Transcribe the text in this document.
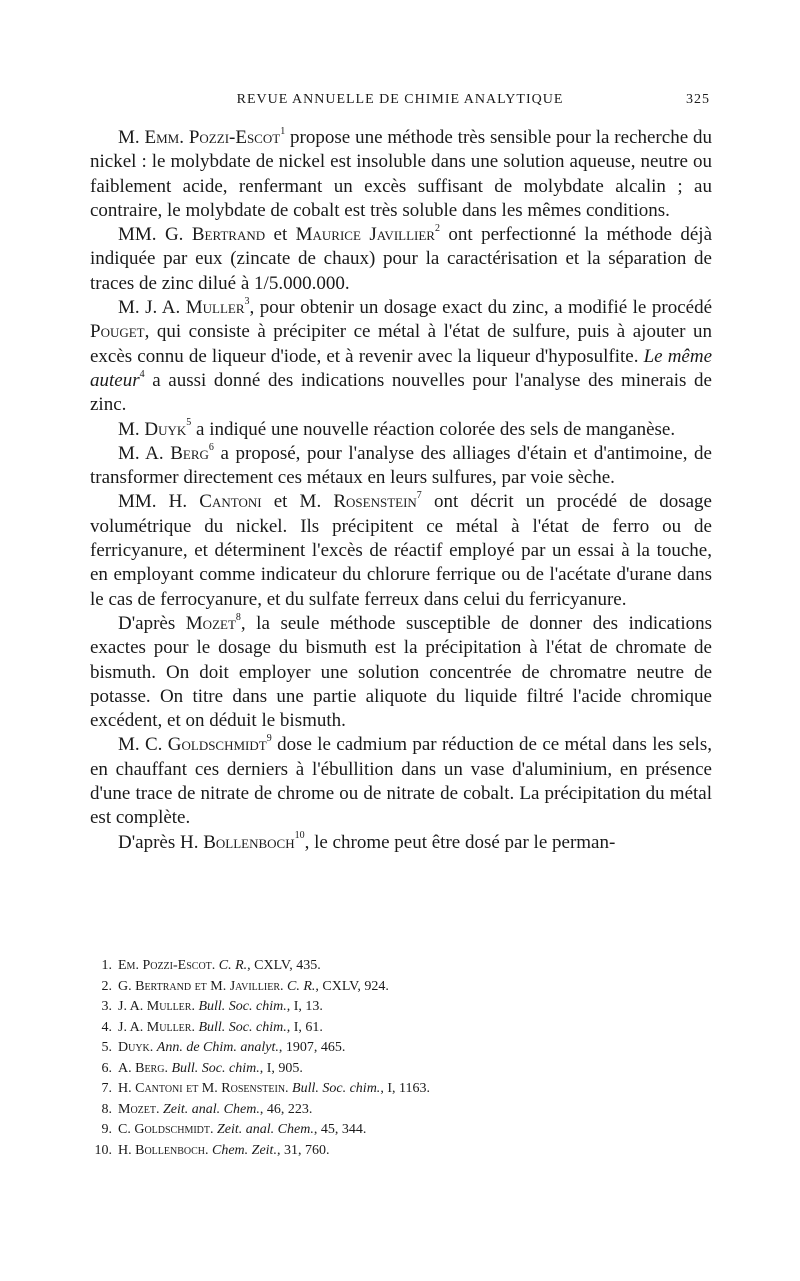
REVUE ANNUELLE DE CHIMIE ANALYTIQUE	325

M. Emm. Pozzi-Escot$^1$ propose une méthode très sensible pour la recherche du nickel : le molybdate de nickel est insoluble dans une solution aqueuse, neutre ou faiblement acide, renfermant un excès suffisant de molybdate alcalin ; au contraire, le molybdate de cobalt est très soluble dans les mêmes conditions.

MM. G. Bertrand et Maurice Javillier$^2$ ont perfectionné la méthode déjà indiquée par eux (zincate de chaux) pour la caractérisation et la séparation de traces de zinc dilué à 1/5.000.000.

M. J. A. Muller$^3$, pour obtenir un dosage exact du zinc, a modifié le procédé Pouget, qui consiste à précipiter ce métal à l'état de sulfure, puis à ajouter un excès connu de liqueur d'iode, et à revenir avec la liqueur d'hyposulfite. Le même auteur$^4$ a aussi donné des indications nouvelles pour l'analyse des minerais de zinc.

M. Duyk$^5$ a indiqué une nouvelle réaction colorée des sels de manganèse.

M. A. Berg$^6$ a proposé, pour l'analyse des alliages d'étain et d'antimoine, de transformer directement ces métaux en leurs sulfures, par voie sèche.

MM. H. Cantoni et M. Rosenstein$^7$ ont décrit un procédé de dosage volumétrique du nickel. Ils précipitent ce métal à l'état de ferro ou de ferricyanure, et déterminent l'excès de réactif employé par un essai à la touche, en employant comme indicateur du chlorure ferrique ou de l'acétate d'urane dans le cas de ferrocyanure, et du sulfate ferreux dans celui du ferricyanure.

D'après Mozet$^8$, la seule méthode susceptible de donner des indications exactes pour le dosage du bismuth est la précipitation à l'état de chromate de bismuth. On doit employer une solution concentrée de chromatre neutre de potasse. On titre dans une partie aliquote du liquide filtré l'acide chromique excédent, et on déduit le bismuth.

M. C. Goldschmidt$^9$ dose le cadmium par réduction de ce métal dans les sels, en chauffant ces derniers à l'ébullition dans un vase d'aluminium, en présence d'une trace de nitrate de chrome ou de nitrate de cobalt. La précipitation du métal est complète.

D'après H. Bollenboch$^{10}$, le chrome peut être dosé par le perman-

1. Em. Pozzi-Escot. C. R., CXLV, 435.

2. G. Bertrand et M. Javillier. C. R., CXLV, 924.

3. J. A. Muller. Bull. Soc. chim., I, 13.

4. J. A. Muller. Bull. Soc. chim., I, 61.

5. Duyk. Ann. de Chim. analyt., 1907, 465.

6. A. Berg. Bull. Soc. chim., I, 905.

7. H. Cantoni et M. Rosenstein. Bull. Soc. chim., I, 1163.

8. Mozet. Zeit. anal. Chem., 46, 223.

9. C. Goldschmidt. Zeit. anal. Chem., 45, 344.

10. H. Bollenboch. Chem. Zeit., 31, 760.
